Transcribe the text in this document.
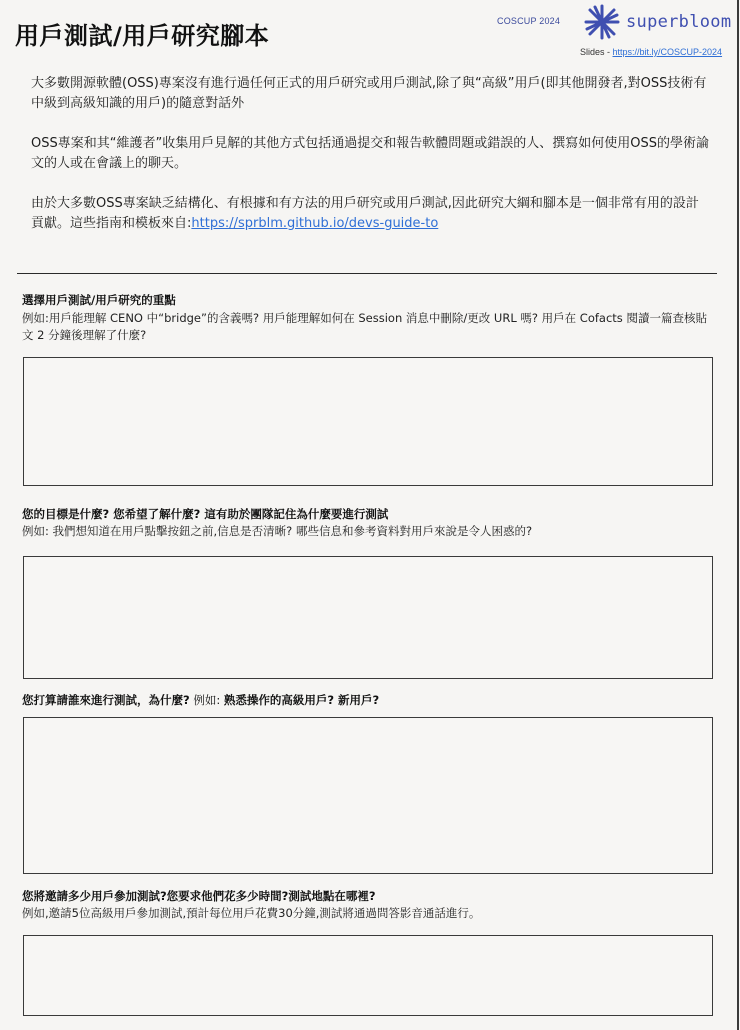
用戶測試/用戶研究腳本
COSCUP 2024	superbloom
Slides - https://bit.ly/COSCUP-2024

大多數開源軟體(OSS)專案沒有進行過任何正式的用戶研究或用戶測試,除了與“高級”用戶(即其他開發者,對OSS技術有中級到高級知識的用戶)的隨意對話外

OSS專案和其“維護者”收集用戶見解的其他方式包括通過提交和報告軟體問題或錯誤的人、撰寫如何使用OSS的學術論文的人或在會議上的聊天。

由於大多數OSS專案缺乏結構化、有根據和有方法的用戶研究或用戶測試,因此研究大綱和腳本是一個非常有用的設計貢獻。這些指南和模板來自:https://sprblm.github.io/devs-guide-to

選擇用戶測試/用戶研究的重點

例如:用戶能理解 CENO 中“bridge”的含義嗎? 用戶能理解如何在 Session 消息中刪除/更改 URL 嗎? 用戶在 Cofacts 閱讀一篇查核貼文 2 分鐘後理解了什麼?

您的目標是什麼? 您希望了解什麼? 這有助於團隊記住為什麼要進行測試

例如: 我們想知道在用戶點擊按鈕之前,信息是否清晰? 哪些信息和參考資料對用戶來說是令人困惑的?

您打算請誰來進行測試，為什麼? 例如: 熟悉操作的高級用戶? 新用戶?
您將邀請多少用戶參加測試?您要求他們花多少時間?測試地點在哪裡?

例如,邀請5位高級用戶參加測試,預計每位用戶花費30分鐘,測試將通過問答影音通話進行。
